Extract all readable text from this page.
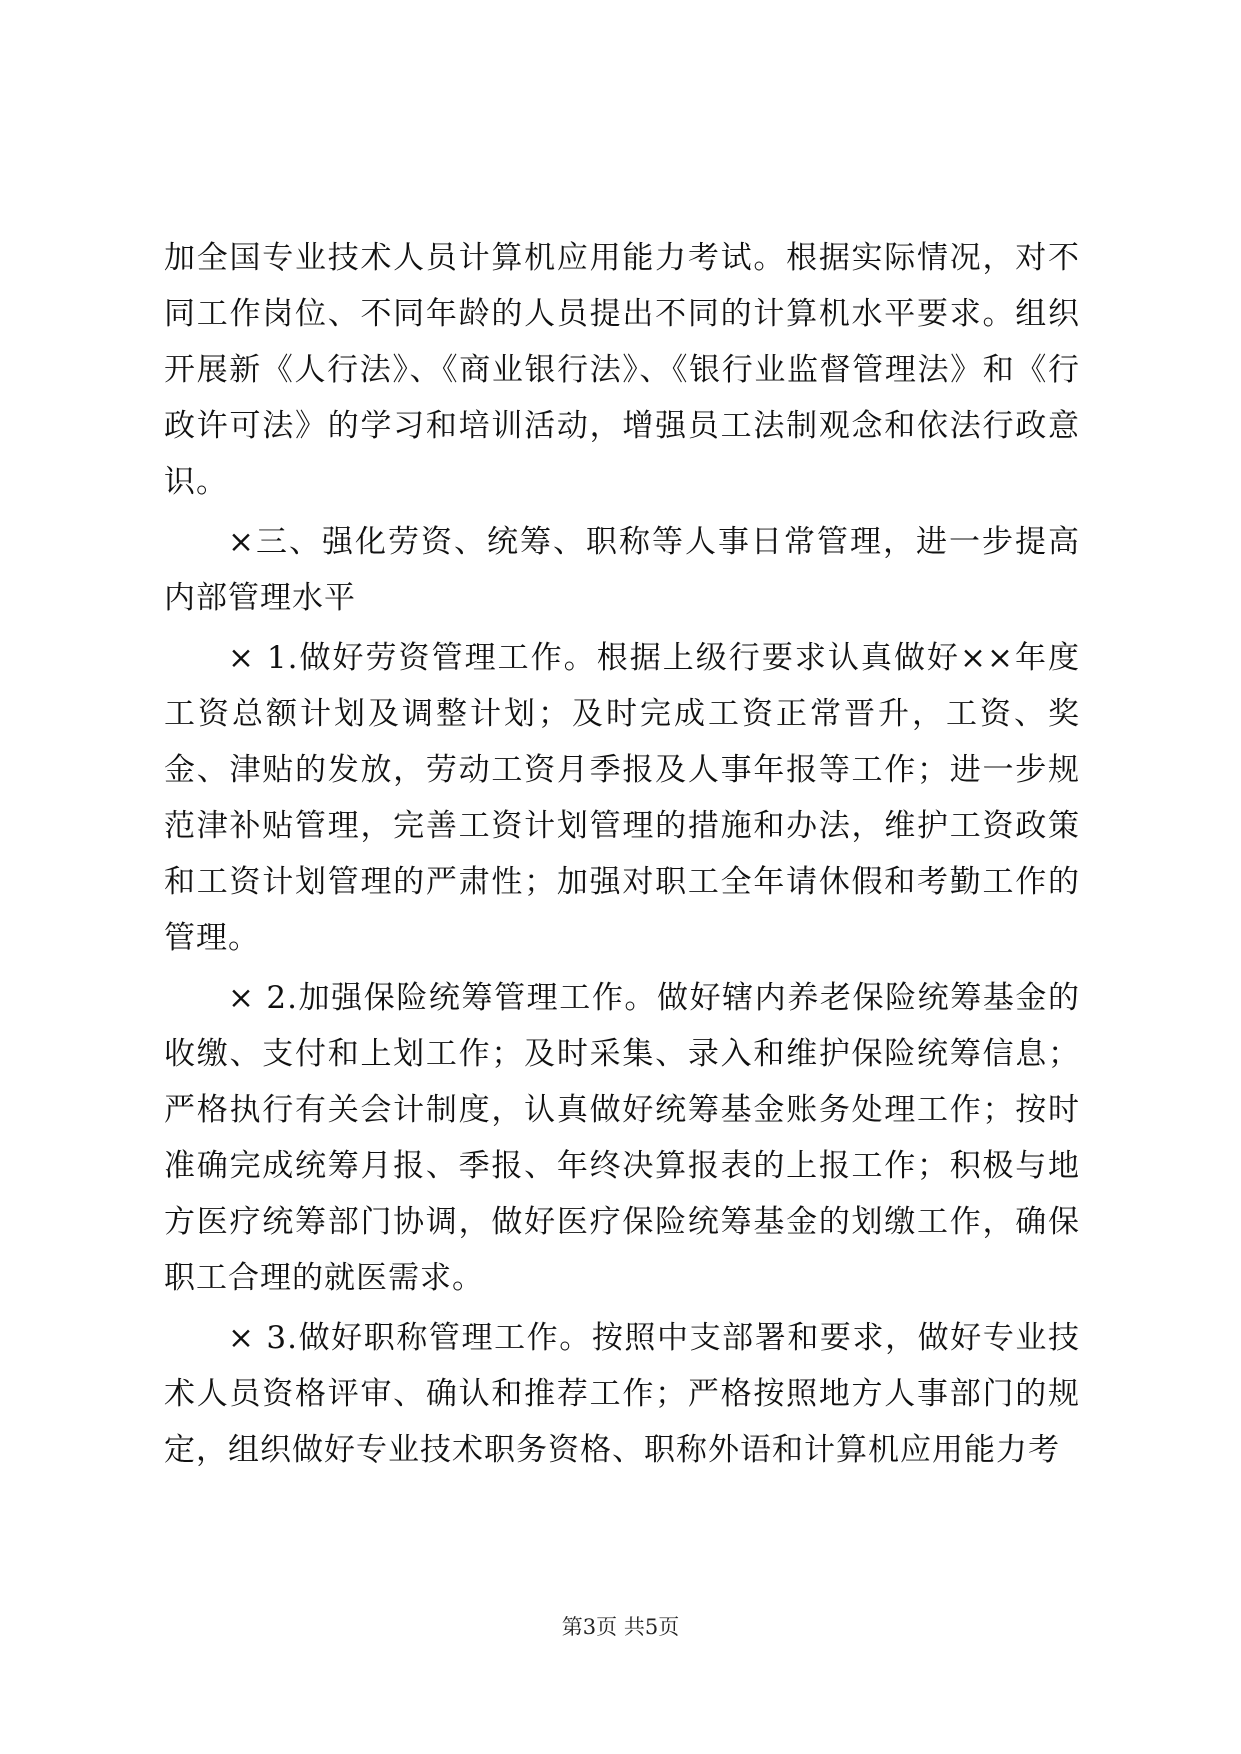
加全国专业技术人员计算机应用能力考试。根据实际情况，对不同工作岗位、不同年龄的人员提出不同的计算机水平要求。组织开展新《人行法》、《商业银行法》、《银行业监督管理法》和《行政许可法》的学习和培训活动，增强员工法制观念和依法行政意识。

×三、强化劳资、统筹、职称等人事日常管理，进一步提高内部管理水平

× 1.做好劳资管理工作。根据上级行要求认真做好××年度工资总额计划及调整计划；及时完成工资正常晋升，工资、奖金、津贴的发放，劳动工资月季报及人事年报等工作；进一步规范津补贴管理，完善工资计划管理的措施和办法，维护工资政策和工资计划管理的严肃性；加强对职工全年请休假和考勤工作的管理。

× 2.加强保险统筹管理工作。做好辖内养老保险统筹基金的收缴、支付和上划工作；及时采集、录入和维护保险统筹信息；严格执行有关会计制度，认真做好统筹基金账务处理工作；按时准确完成统筹月报、季报、年终决算报表的上报工作；积极与地方医疗统筹部门协调，做好医疗保险统筹基金的划缴工作，确保职工合理的就医需求。

× 3.做好职称管理工作。按照中支部署和要求，做好专业技术人员资格评审、确认和推荐工作；严格按照地方人事部门的规定，组织做好专业技术职务资格、职称外语和计算机应用能力考

第3页 共5页
